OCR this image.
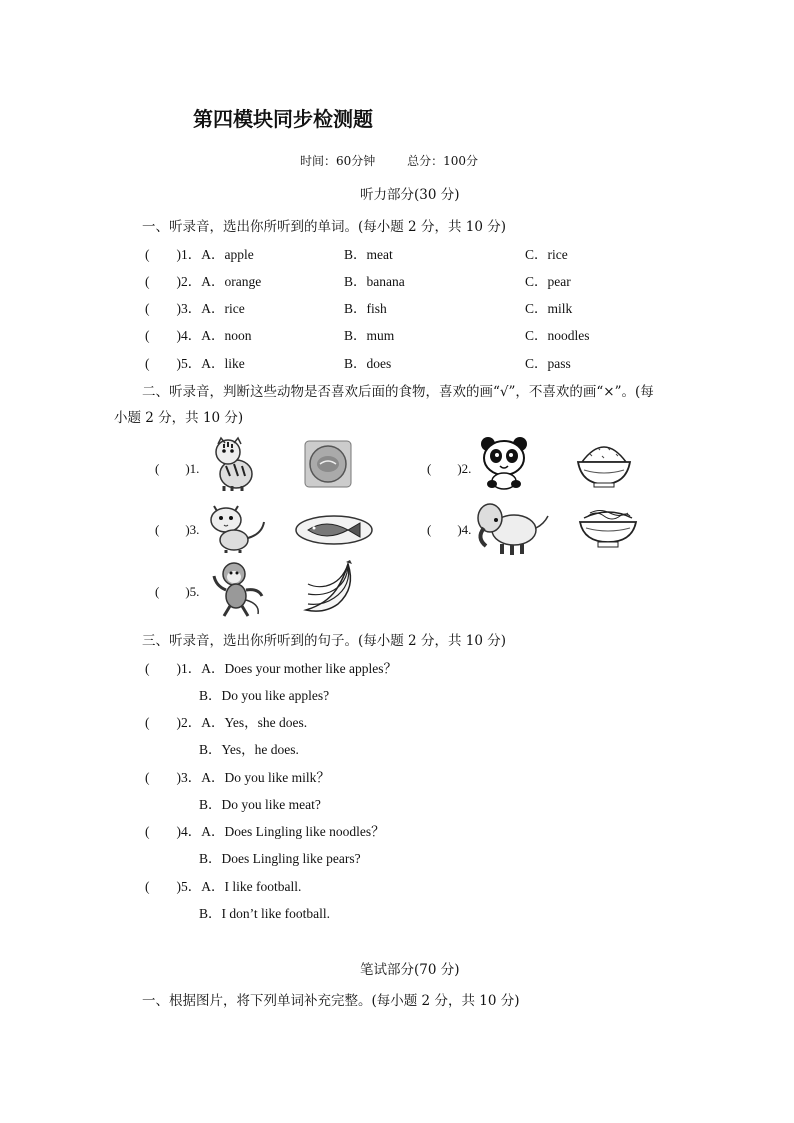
第四模块同步检测题
时间：60分钟	总分：100分
听力部分(30 分)
一、听录音，选出你所听到的单词。(每小题 2 分，共 10 分)
(　　)1．A．apple	B．meat	C．rice
(　　)2．A．orange	B．banana	C．pear
(　　)3．A．rice	B．fish	C．milk
(　　)4．A．noon	B．mum	C．noodles
(　　)5．A．like	B．does	C．pass
二、听录音，判断这些动物是否喜欢后面的食物，喜欢的画“√”，不喜欢的画“×”。(每
小题 2 分，共 10 分)
(　　)1.	(　　)2.
(　　)3.	(　　)4.
(　　)5.
三、听录音，选出你所听到的句子。(每小题 2 分，共 10 分)
(　　)1．A．Does your mother like apples？
B．Do you like apples?
(　　)2．A．Yes，she does.
B．Yes，he does.
(　　)3．A．Do you like milk？
B．Do you like meat?
(　　)4．A．Does Lingling like noodles？
B．Does Lingling like pears?
(　　)5．A．I like football.
B．I don’t like football.
笔试部分(70 分)
一、根据图片，将下列单词补充完整。(每小题 2 分，共 10 分)
